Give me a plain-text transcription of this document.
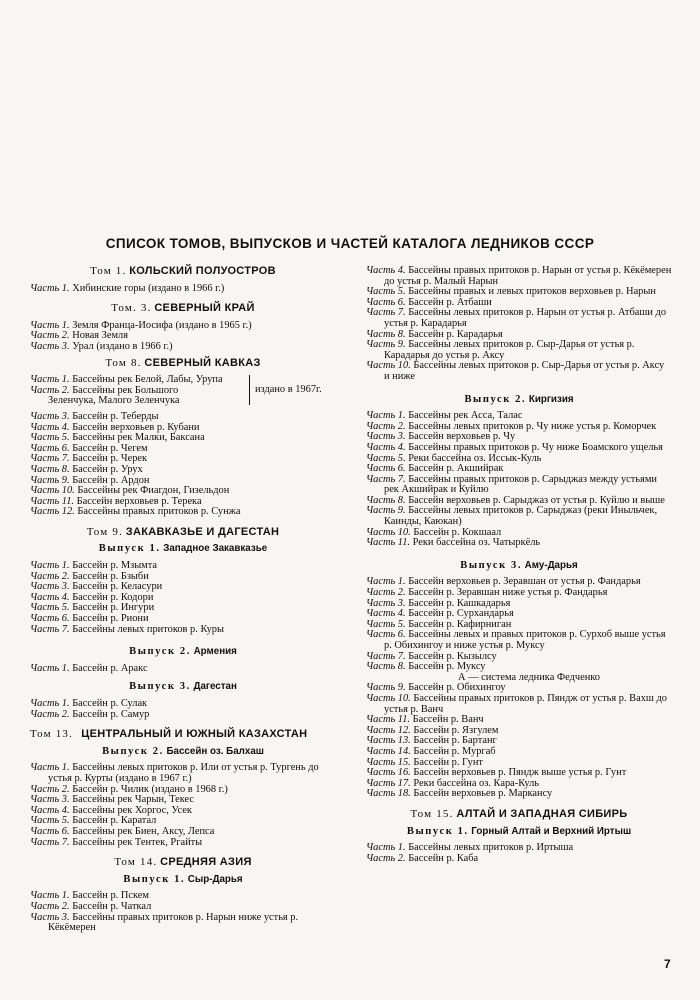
СПИСОК ТОМОВ, ВЫПУСКОВ И ЧАСТЕЙ КАТАЛОГА ЛЕДНИКОВ СССР
Том 1. КОЛЬСКИЙ ПОЛУОСТРОВ

Часть 1. Хибинские горы (издано в 1966 г.)

Том. 3. СЕВЕРНЫЙ КРАЙ

Часть 1. Земля Франца-Иосифа (издано в 1965 г.)

Часть 2. Новая Земля

Часть 3. Урал (издано в 1966 г.)

Том 8. СЕВЕРНЫЙ КАВКАЗ

Часть 1. Бассейны рек Белой, Лабы, Урупа

Часть 2. Бассейны рек Большого

Зеленчука, Малого Зеленчука

издано в 1967г.

Часть 3. Бассейн р. Теберды

Часть 4. Бассейн верховьев р. Кубани

Часть 5. Бассейны рек Малки, Баксана

Часть 6. Бассейн р. Чегем

Часть 7. Бассейн р. Черек

Часть 8. Бассейн р. Урух

Часть 9. Бассейн р. Ардон

Часть 10. Бассейны рек Фиагдон, Гизельдон

Часть 11. Бассейн верховьев р. Терека

Часть 12. Бассейны правых притоков р. Сунжа

Том 9. ЗАКАВКАЗЬЕ И ДАГЕСТАН
Выпуск 1. Западное Закавказье

Часть 1. Бассейн р. Мзымта

Часть 2. Бассейн р. Бзыби

Часть 3. Бассейн р. Келасури

Часть 4. Бассейн р. Кодори

Часть 5. Бассейн р. Ингури

Часть 6. Бассейн р. Риони

Часть 7. Бассейны левых притоков р. Куры

Выпуск 2. Армения

Часть 1. Бассейн р. Аракс

Выпуск 3. Дагестан

Часть 1. Бассейн р. Сулак

Часть 2. Бассейн р. Самур

Том 13. ЦЕНТРАЛЬНЫЙ И ЮЖНЫЙ КАЗАХСТАН
Выпуск 2. Бассейн оз. Балхаш

Часть 1. Бассейны левых притоков р. Или от устья р. Тургень до устья р. Курты (издано в 1967 г.)

Часть 2. Бассейн р. Чилик (издано в 1968 г.)

Часть 3. Бассейны рек Чарын, Текес

Часть 4. Бассейны рек Хоргос, Усек

Часть 5. Бассейн р. Каратал

Часть 6. Бассейны рек Биен, Аксу, Лепса

Часть 7. Бассейны рек Тентек, Ргайты

Том 14. СРЕДНЯЯ АЗИЯ
Выпуск 1. Сыр-Дарья

Часть 1. Бассейн р. Пскем

Часть 2. Бассейн р. Чаткал

Часть 3. Бассейны правых притоков р. Нарын ниже устья р. Кёкёмерен

Часть 4. Бассейны правых притоков р. Нарын от устья р. Кёкёмерен до устья р. Малый Нарын

Часть 5. Бассейны правых и левых притоков верховьев р. Нарын

Часть 6. Бассейн р. Атбаши

Часть 7. Бассейны левых притоков р. Нарын от устья р. Атбаши до устья р. Карадарья

Часть 8. Бассейн р. Карадарья

Часть 9. Бассейны левых притоков р. Сыр-Дарья от устья р. Карадарья до устья р. Аксу

Часть 10. Бассейны левых притоков р. Сыр-Дарья от устья р. Аксу и ниже

Выпуск 2. Киргизия

Часть 1. Бассейны рек Асса, Талас

Часть 2. Бассейны левых притоков р. Чу ниже устья р. Коморчек

Часть 3. Бассейн верховьев р. Чу

Часть 4. Бассейны правых притоков р. Чу ниже Боамского ущелья

Часть 5. Реки бассейна оз. Иссык-Куль

Часть 6. Бассейн р. Акшийрак

Часть 7. Бассейны правых притоков р. Сарыджаз между устьями рек Акшийрак и Куйлю

Часть 8. Бассейн верховьев р. Сарыджаз от устья р. Куйлю и выше

Часть 9. Бассейны левых притоков р. Сарыджаз (реки Иныльчек, Каинды, Каюкан)

Часть 10. Бассейн р. Кокшаал

Часть 11. Реки бассейна оз. Чатыркёль

Выпуск 3. Аму-Дарья

Часть 1. Бассейн верховьев р. Зеравшан от устья р. Фандарья

Часть 2. Бассейн р. Зеравшан ниже устья р. Фандарья

Часть 3. Бассейн р. Кашкадарья

Часть 4. Бассейн р. Сурхандарья

Часть 5. Бассейн р. Кафирниган

Часть 6. Бассейны левых и правых притоков р. Сурхоб выше устья р. Обихингоу и ниже устья р. Муксу

Часть 7. Бассейн р. Кызылсу

Часть 8. Бассейн р. Муксу

А — система ледника Федченко

Часть 9. Бассейн р. Обихингоу

Часть 10. Бассейны правых притоков р. Пяндж от устья р. Вахш до устья р. Ванч

Часть 11. Бассейн р. Ванч

Часть 12. Бассейн р. Язгулем

Часть 13. Бассейн р. Бартанг

Часть 14. Бассейн р. Мургаб

Часть 15. Бассейн р. Гунт

Часть 16. Бассейн верховьев р. Пяндж выше устья р. Гунт

Часть 17. Реки бассейна оз. Кара-Куль

Часть 18. Бассейн верховьев р. Маркансу

Том 15. АЛТАЙ И ЗАПАДНАЯ СИБИРЬ
Выпуск 1. Горный Алтай и Верхний Иртыш

Часть 1. Бассейны левых притоков р. Иртыша

Часть 2. Бассейн р. Каба

7
